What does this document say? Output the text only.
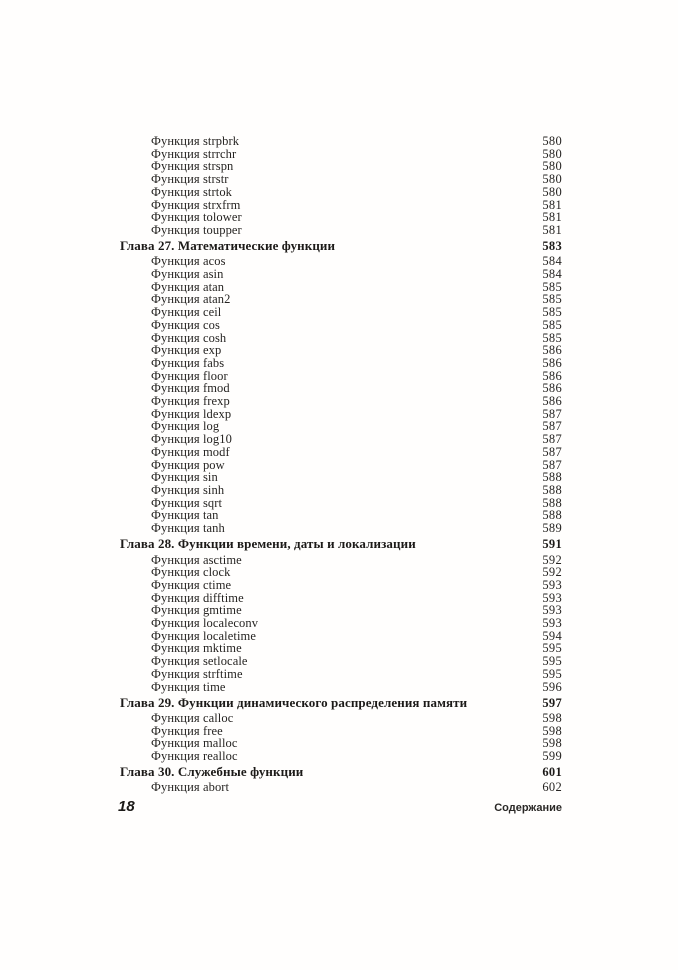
Функция strpbrk	580
Функция strrchr	580
Функция strspn	580
Функция strstr	580
Функция strtok	580
Функция strxfrm	581
Функция tolower	581
Функция toupper	581
Глава 27. Математические функции	583
Функция acos	584
Функция asin	584
Функция atan	585
Функция atan2	585
Функция ceil	585
Функция cos	585
Функция cosh	585
Функция exp	586
Функция fabs	586
Функция floor	586
Функция fmod	586
Функция frexp	586
Функция ldexp	587
Функция log	587
Функция log10	587
Функция modf	587
Функция pow	587
Функция sin	588
Функция sinh	588
Функция sqrt	588
Функция tan	588
Функция tanh	589
Глава 28. Функции времени, даты и локализации	591
Функция asctime	592
Функция clock	592
Функция ctime	593
Функция difftime	593
Функция gmtime	593
Функция localeconv	593
Функция localetime	594
Функция mktime	595
Функция setlocale	595
Функция strftime	595
Функция time	596
Глава 29. Функции динамического распределения памяти	597
Функция calloc	598
Функция free	598
Функция malloc	598
Функция realloc	599
Глава 30. Служебные функции	601
Функция abort	602
18	Содержание
